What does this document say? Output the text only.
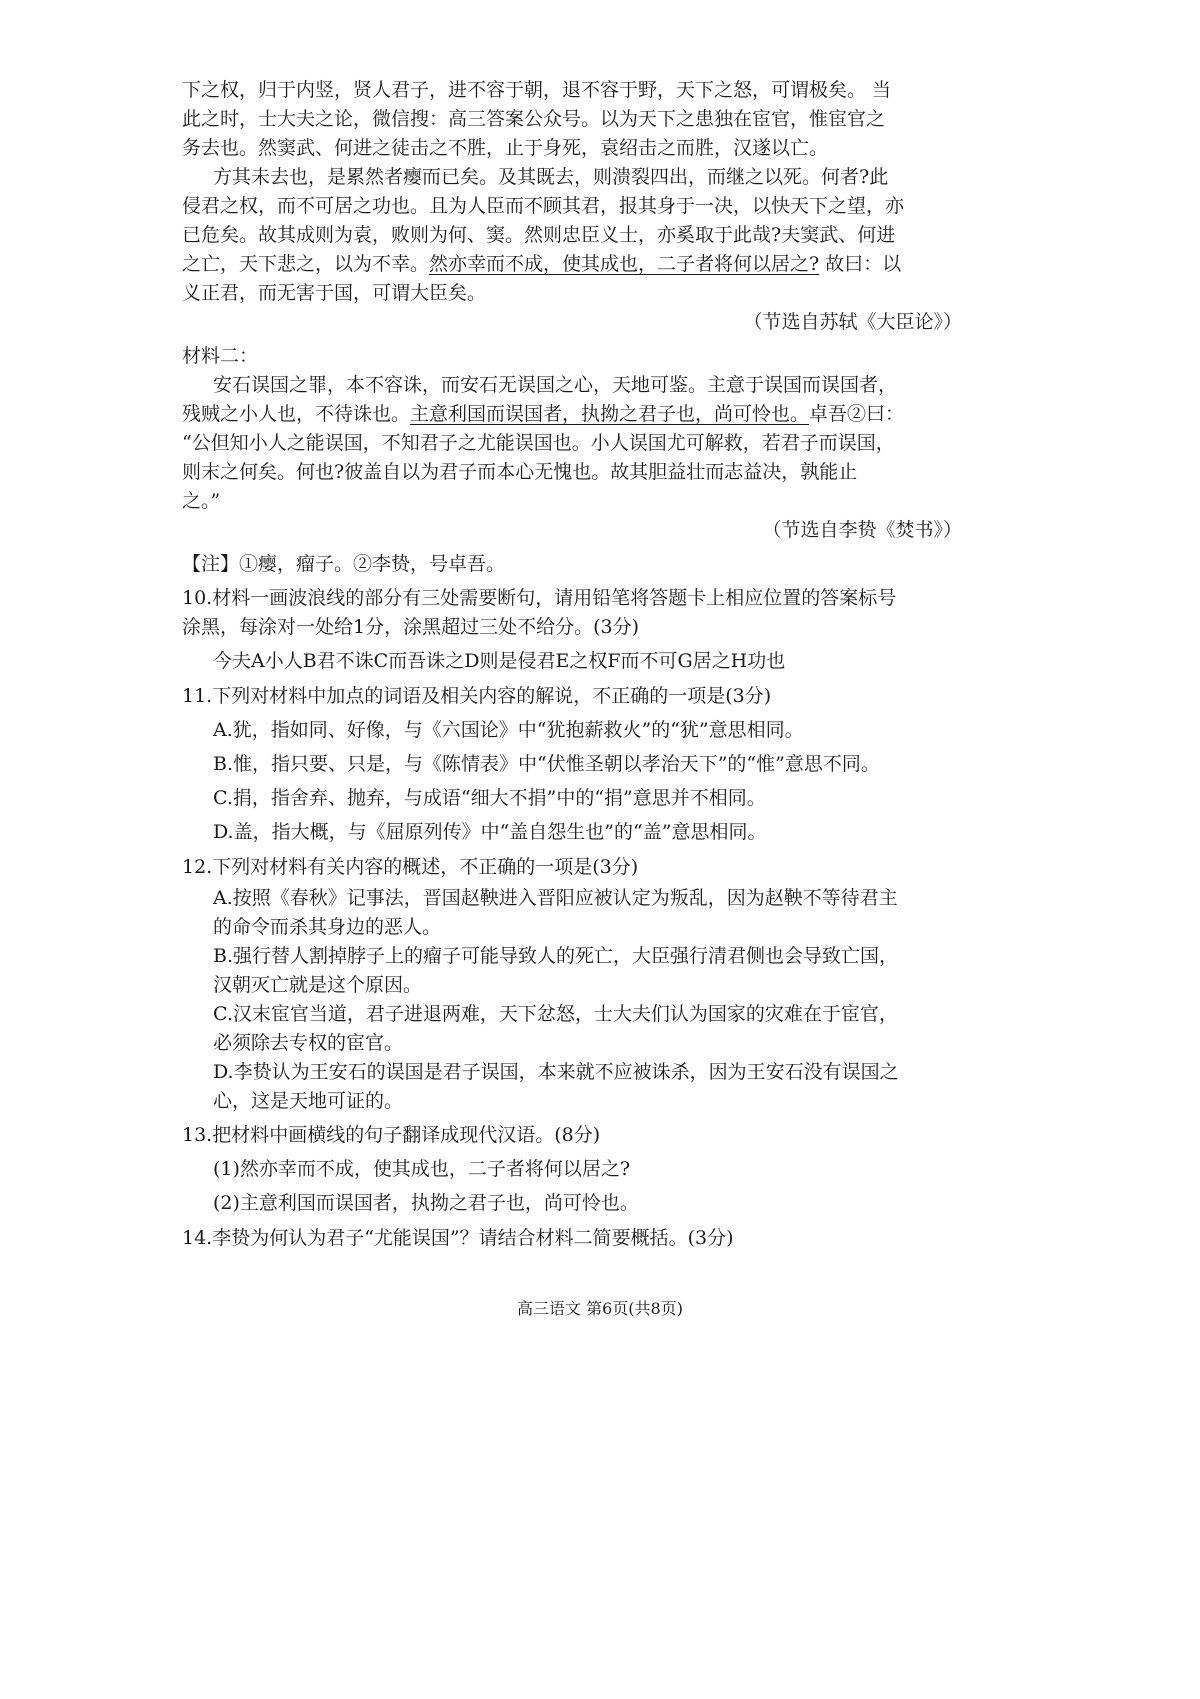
下之权，归于内竖，贤人君子，进不容于朝，退不容于野，天下之怒，可谓极矣。 当
此之时，士大夫之论，微信搜：高三答案公众号。以为天下之患独在宦官，惟宦官之
务去也。然窦武、何进之徒击之不胜，止于身死，袁绍击之而胜，汉遂以亡。
方其未去也，是累然者瘿而已矣。及其既去，则溃裂四出，而继之以死。何者?此
侵君之权，而不可居之功也。且为人臣而不顾其君，报其身于一决，以快天下之望，亦
已危矣。故其成则为袁，败则为何、窦。然则忠臣义士，亦奚取于此哉?夫窦武、何进
之亡，天下悲之，以为不幸。然亦幸而不成，使其成也，二子者将何以居之? 故曰：以
义正君，而无害于国，可谓大臣矣。
（节选自苏轼《大臣论》）
材料二：
安石误国之罪，本不容诛，而安石无误国之心，天地可鉴。主意于误国而误国者，
残贼之小人也，不待诛也。主意利国而误国者，执拗之君子也，尚可怜也。卓吾②曰：
“公但知小人之能误国，不知君子之尤能误国也。小人误国尤可解救，若君子而误国，
则末之何矣。何也?彼盖自以为君子而本心无愧也。故其胆益壮而志益决，孰能止
之。”
（节选自李贽《焚书》）
【注】①瘿，瘤子。②李贽，号卓吾。
10.材料一画波浪线的部分有三处需要断句，请用铅笔将答题卡上相应位置的答案标号
涂黑，每涂对一处给1分，涂黑超过三处不给分。(3分)
今夫A小人B君不诛C而吾诛之D则是侵君E之权F而不可G居之H功也
11.下列对材料中加点的词语及相关内容的解说，不正确的一项是(3分)
A.犹，指如同、好像，与《六国论》中“犹抱薪救火”的“犹”意思相同。
B.惟，指只要、只是，与《陈情表》中“伏惟圣朝以孝治天下”的“惟”意思不同。
C.捐，指舍弃、抛弃，与成语“细大不捐”中的“捐”意思并不相同。
D.盖，指大概，与《屈原列传》中“盖自怨生也”的“盖”意思相同。
12.下列对材料有关内容的概述，不正确的一项是(3分)
A.按照《春秋》记事法，晋国赵鞅进入晋阳应被认定为叛乱，因为赵鞅不等待君主
的命令而杀其身边的恶人。
B.强行替人割掉脖子上的瘤子可能导致人的死亡，大臣强行清君侧也会导致亡国，
汉朝灭亡就是这个原因。
C.汉末宦官当道，君子进退两难，天下忿怒，士大夫们认为国家的灾难在于宦官，
必须除去专权的宦官。
D.李贽认为王安石的误国是君子误国，本来就不应被诛杀，因为王安石没有误国之
心，这是天地可证的。
13.把材料中画横线的句子翻译成现代汉语。(8分)
(1)然亦幸而不成，使其成也，二子者将何以居之?
(2)主意利国而误国者，执拗之君子也，尚可怜也。
14.李贽为何认为君子“尤能误国”？请结合材料二简要概括。(3分)
高三语文 第6页(共8页)
